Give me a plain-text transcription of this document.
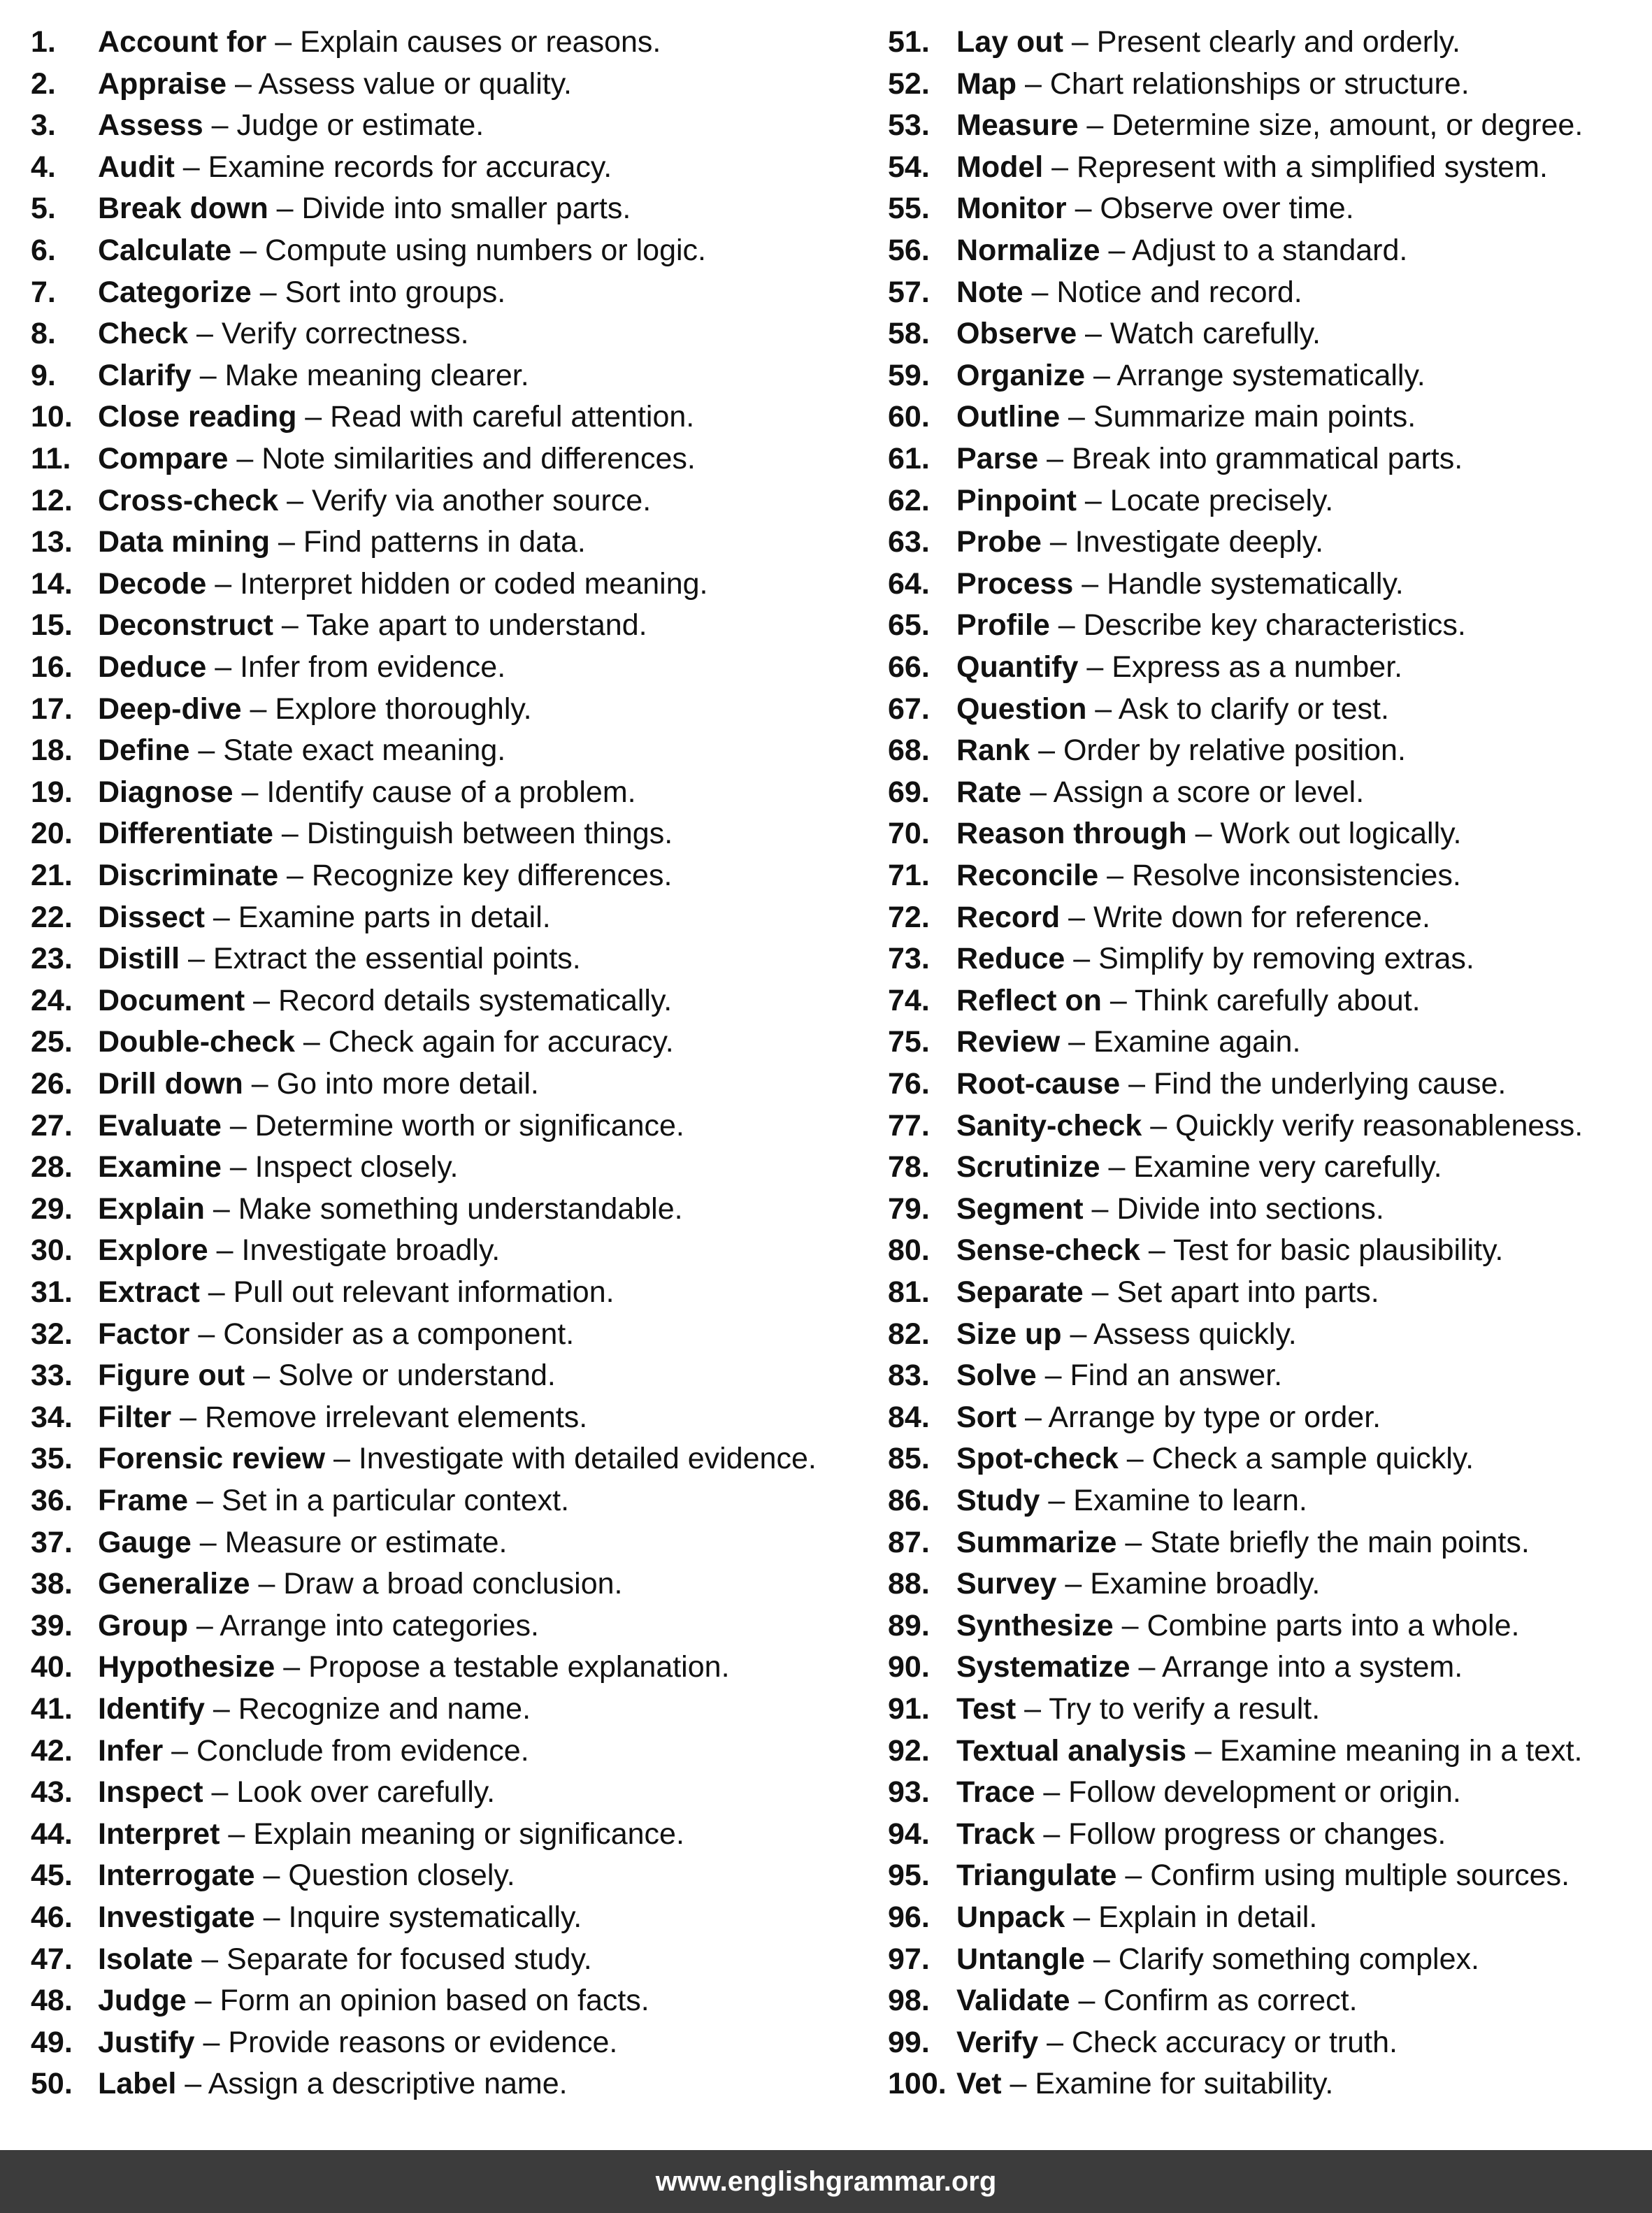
1. Account for – Explain causes or reasons.
2. Appraise – Assess value or quality.
3. Assess – Judge or estimate.
4. Audit – Examine records for accuracy.
5. Break down – Divide into smaller parts.
6. Calculate – Compute using numbers or logic.
7. Categorize – Sort into groups.
8. Check – Verify correctness.
9. Clarify – Make meaning clearer.
10. Close reading – Read with careful attention.
11. Compare – Note similarities and differences.
12. Cross-check – Verify via another source.
13. Data mining – Find patterns in data.
14. Decode – Interpret hidden or coded meaning.
15. Deconstruct – Take apart to understand.
16. Deduce – Infer from evidence.
17. Deep-dive – Explore thoroughly.
18. Define – State exact meaning.
19. Diagnose – Identify cause of a problem.
20. Differentiate – Distinguish between things.
21. Discriminate – Recognize key differences.
22. Dissect – Examine parts in detail.
23. Distill – Extract the essential points.
24. Document – Record details systematically.
25. Double-check – Check again for accuracy.
26. Drill down – Go into more detail.
27. Evaluate – Determine worth or significance.
28. Examine – Inspect closely.
29. Explain – Make something understandable.
30. Explore – Investigate broadly.
31. Extract – Pull out relevant information.
32. Factor – Consider as a component.
33. Figure out – Solve or understand.
34. Filter – Remove irrelevant elements.
35. Forensic review – Investigate with detailed evidence.
36. Frame – Set in a particular context.
37. Gauge – Measure or estimate.
38. Generalize – Draw a broad conclusion.
39. Group – Arrange into categories.
40. Hypothesize – Propose a testable explanation.
41. Identify – Recognize and name.
42. Infer – Conclude from evidence.
43. Inspect – Look over carefully.
44. Interpret – Explain meaning or significance.
45. Interrogate – Question closely.
46. Investigate – Inquire systematically.
47. Isolate – Separate for focused study.
48. Judge – Form an opinion based on facts.
49. Justify – Provide reasons or evidence.
50. Label – Assign a descriptive name.
51. Lay out – Present clearly and orderly.
52. Map – Chart relationships or structure.
53. Measure – Determine size, amount, or degree.
54. Model – Represent with a simplified system.
55. Monitor – Observe over time.
56. Normalize – Adjust to a standard.
57. Note – Notice and record.
58. Observe – Watch carefully.
59. Organize – Arrange systematically.
60. Outline – Summarize main points.
61. Parse – Break into grammatical parts.
62. Pinpoint – Locate precisely.
63. Probe – Investigate deeply.
64. Process – Handle systematically.
65. Profile – Describe key characteristics.
66. Quantify – Express as a number.
67. Question – Ask to clarify or test.
68. Rank – Order by relative position.
69. Rate – Assign a score or level.
70. Reason through – Work out logically.
71. Reconcile – Resolve inconsistencies.
72. Record – Write down for reference.
73. Reduce – Simplify by removing extras.
74. Reflect on – Think carefully about.
75. Review – Examine again.
76. Root-cause – Find the underlying cause.
77. Sanity-check – Quickly verify reasonableness.
78. Scrutinize – Examine very carefully.
79. Segment – Divide into sections.
80. Sense-check – Test for basic plausibility.
81. Separate – Set apart into parts.
82. Size up – Assess quickly.
83. Solve – Find an answer.
84. Sort – Arrange by type or order.
85. Spot-check – Check a sample quickly.
86. Study – Examine to learn.
87. Summarize – State briefly the main points.
88. Survey – Examine broadly.
89. Synthesize – Combine parts into a whole.
90. Systematize – Arrange into a system.
91. Test – Try to verify a result.
92. Textual analysis – Examine meaning in a text.
93. Trace – Follow development or origin.
94. Track – Follow progress or changes.
95. Triangulate – Confirm using multiple sources.
96. Unpack – Explain in detail.
97. Untangle – Clarify something complex.
98. Validate – Confirm as correct.
99. Verify – Check accuracy or truth.
100. Vet – Examine for suitability.
www.englishgrammar.org
